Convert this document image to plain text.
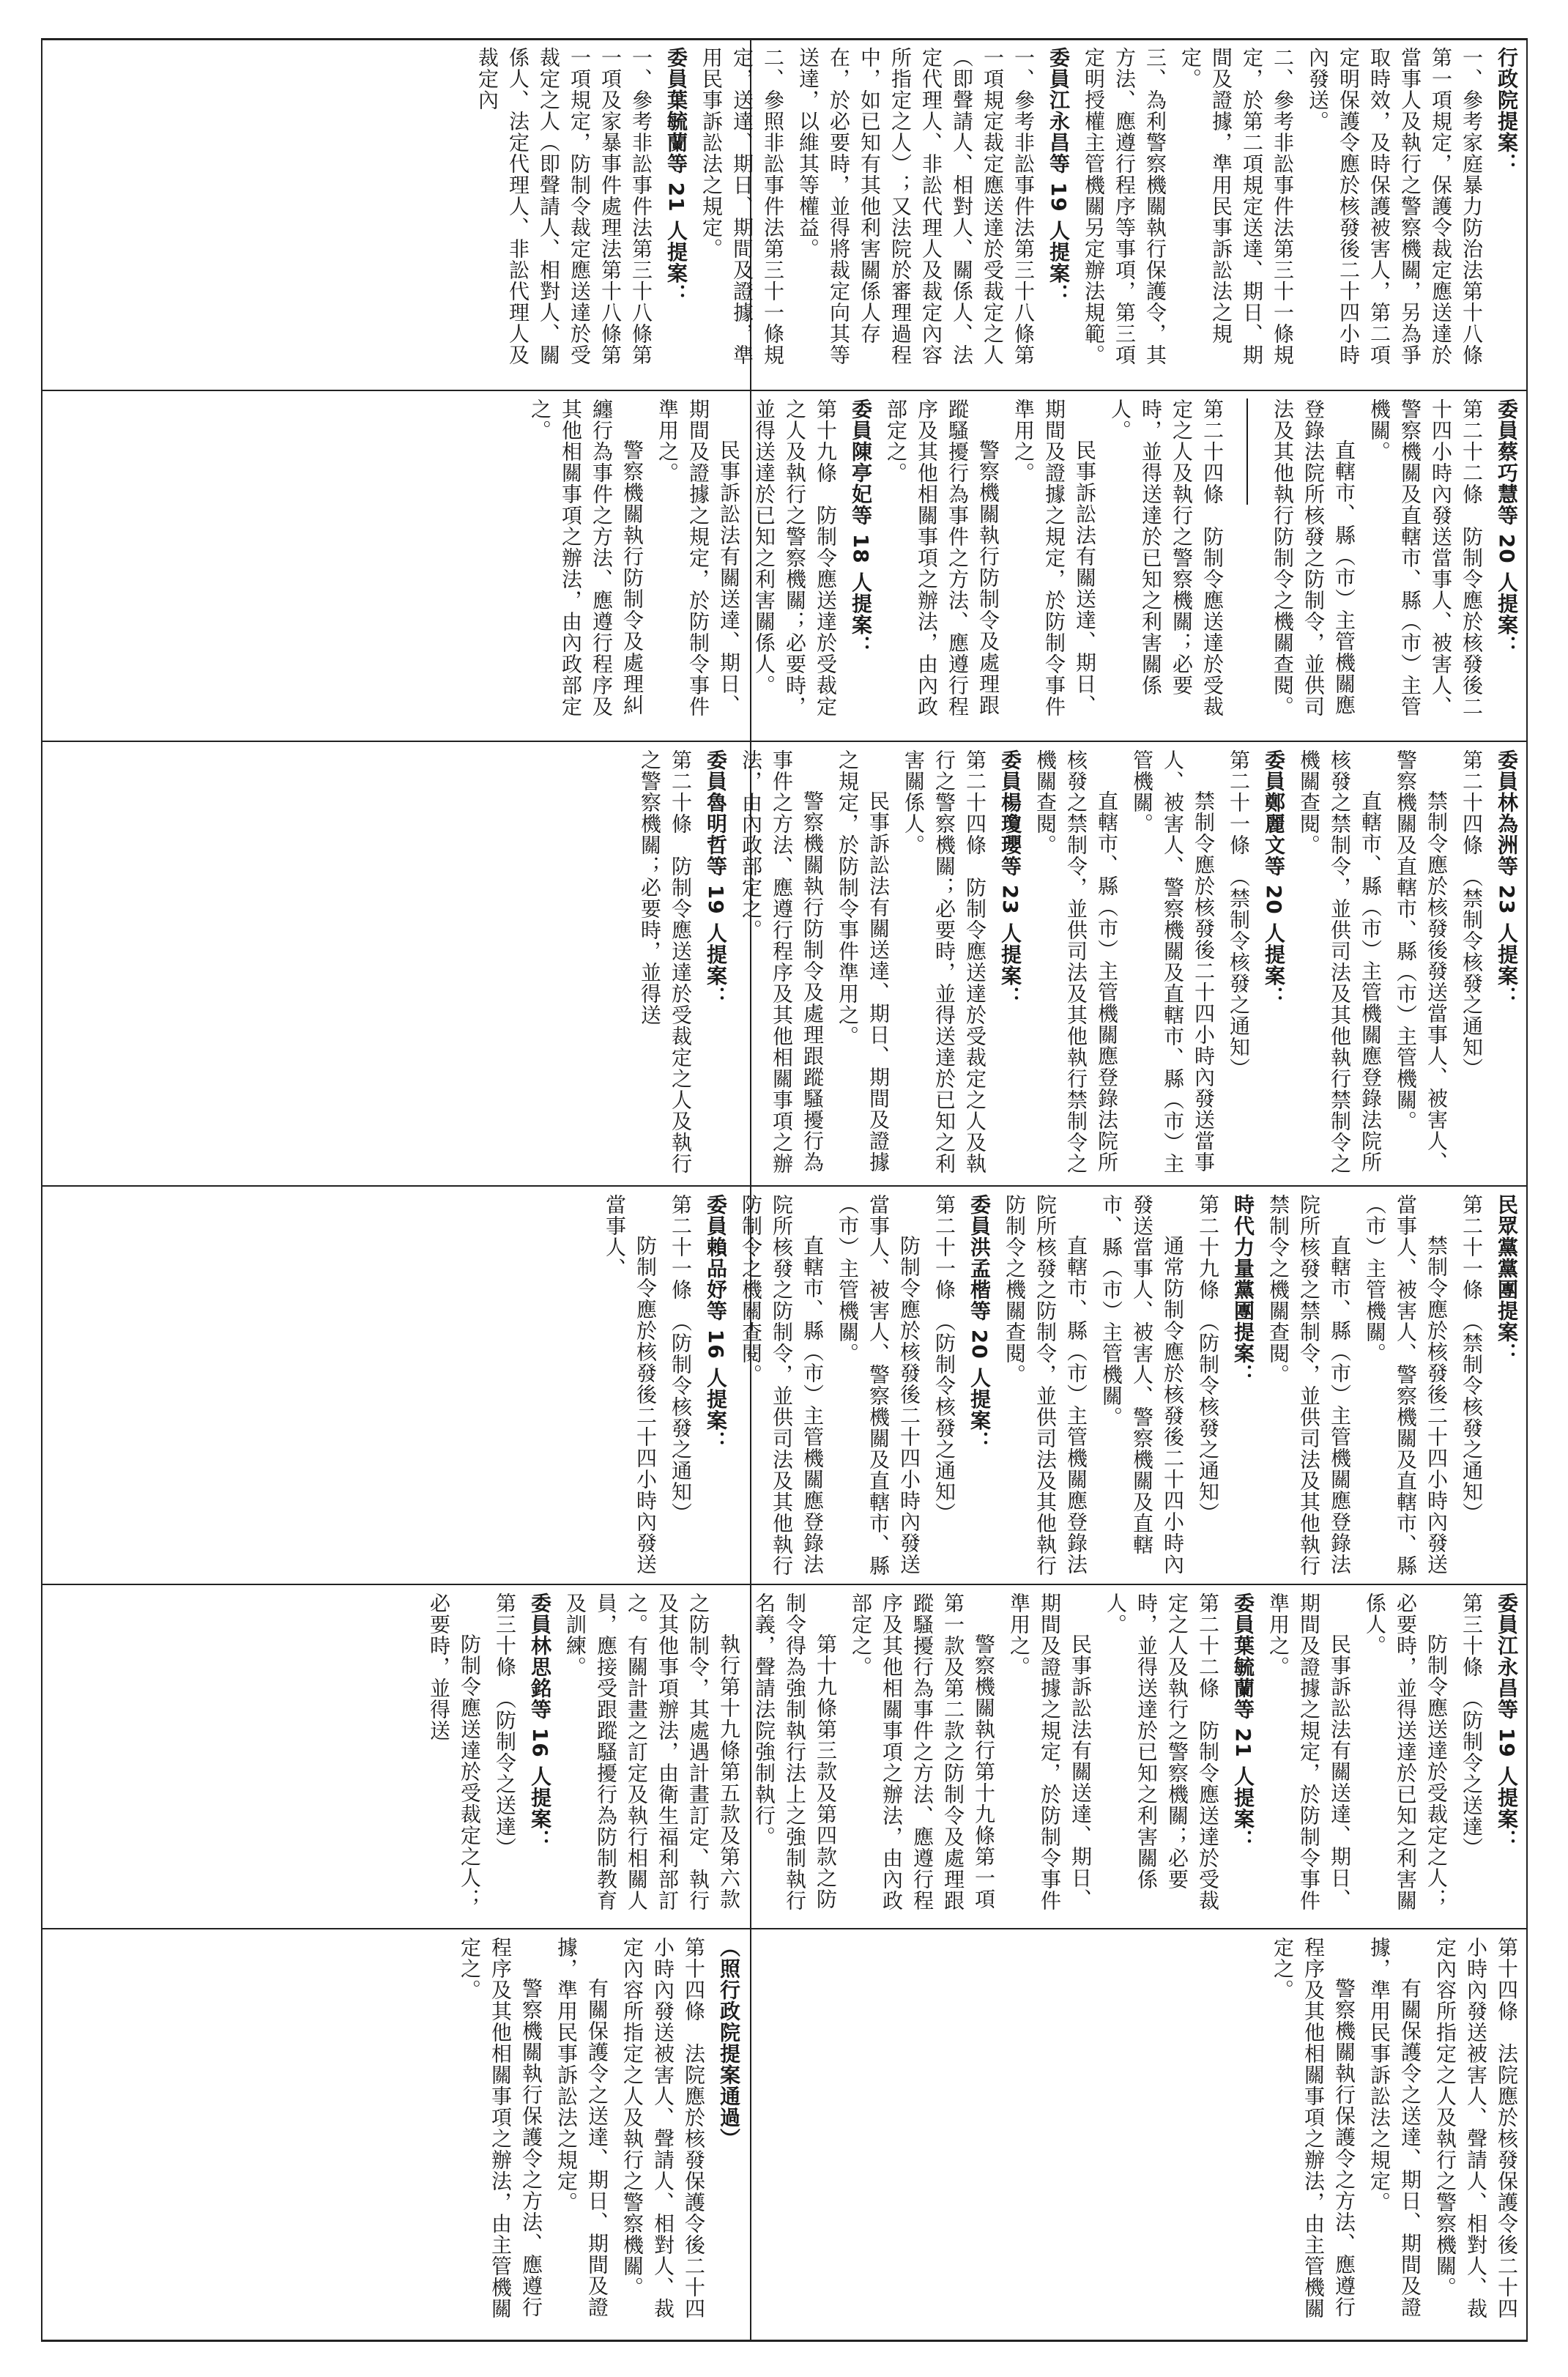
行政院提案：
一、參考家庭暴力防治法第十八條第一項規定，保護令裁定應送達於當事人及執行之警察機關，另為爭取時效，及時保護被害人，第二項定明保護令應於核發後二十四小時內發送。
二、參考非訟事件法第三十一條規定，於第二項規定送達、期日、期間及證據，準用民事訴訟法之規定。
三、為利警察機關執行保護令，其方法、應遵行程序等事項，第三項定明授權主管機關另定辦法規範。
委員江永昌等 19 人提案：
一、參考非訟事件法第三十八條第一項規定裁定應送達於受裁定之人（即聲請人、相對人、關係人、法定代理人、非訟代理人及裁定內容所指定之人）；又法院於審理過程中，如已知有其他利害關係人存在，於必要時，並得將裁定向其等送達，以維其等權益。
二、參照非訟事件法第三十一條規定，送達、期日、期間及證據，準用民事訴訟法之規定。
委員葉毓蘭等 21 人提案：
一、參考非訟事件法第三十八條第一項及家暴事件處理法第十八條第一項規定，防制令裁定應送達於受裁定之人（即聲請人、相對人、關係人、法定代理人、非訟代理人及裁定內
委員蔡巧慧等 20 人提案：
第二十二條　防制令應於核發後二十四小時內發送當事人、被害人、警察機關及直轄市、縣（市）主管機關。
直轄市、縣（市）主管機關應登錄法院所核發之防制令，並供司法及其他執行防制令之機關查閱。

第二十四條　防制令應送達於受裁定之人及執行之警察機關；必要時，並得送達於已知之利害關係人。
民事訴訟法有關送達、期日、期間及證據之規定，於防制令事件準用之。
警察機關執行防制令及處理跟蹤騷擾行為事件之方法、應遵行程序及其他相關事項之辦法，由內政部定之。
委員陳亭妃等 18 人提案：
第十九條　防制令應送達於受裁定之人及執行之警察機關；必要時，並得送達於已知之利害關係人。
民事訴訟法有關送達、期日、期間及證據之規定，於防制令事件準用之。
警察機關執行防制令及處理糾纏行為事件之方法、應遵行程序及其他相關事項之辦法，由內政部定之。
委員林為洲等 23 人提案：
第二十四條　（禁制令核發之通知）
禁制令應於核發後發送當事人、被害人、警察機關及直轄市、縣（市）主管機關。
直轄市、縣（市）主管機關應登錄法院所核發之禁制令，並供司法及其他執行禁制令之機關查閱。
委員鄭麗文等 20 人提案：
第二十一條　（禁制令核發之通知）
禁制令應於核發後二十四小時內發送當事人、被害人、警察機關及直轄市、縣（市）主管機關。
直轄市、縣（市）主管機關應登錄法院所核發之禁制令，並供司法及其他執行禁制令之機關查閱。
委員楊瓊瓔等 23 人提案：
第二十四條　防制令應送達於受裁定之人及執行之警察機關；必要時，並得送達於已知之利害關係人。
民事訴訟法有關送達、期日、期間及證據之規定，於防制令事件準用之。
警察機關執行防制令及處理跟蹤騷擾行為事件之方法、應遵行程序及其他相關事項之辦法，由內政部定之。
委員魯明哲等 19 人提案：
第二十條　防制令應送達於受裁定之人及執行之警察機關；必要時，並得送
民眾黨黨團提案：
第二十一條　（禁制令核發之通知）
禁制令應於核發後二十四小時內發送當事人、被害人、警察機關及直轄市、縣（市）主管機關。
直轄市、縣（市）主管機關應登錄法院所核發之禁制令，並供司法及其他執行禁制令之機關查閱。
時代力量黨團提案：
第二十九條　（防制令核發之通知）
通常防制令應於核發後二十四小時內發送當事人、被害人、警察機關及直轄市、縣（市）主管機關。
直轄市、縣（市）主管機關應登錄法院所核發之防制令，並供司法及其他執行防制令之機關查閱。
委員洪孟楷等 20 人提案：
第二十一條　（防制令核發之通知）
防制令應於核發後二十四小時內發送當事人、被害人、警察機關及直轄市、縣（市）主管機關。
直轄市、縣（市）主管機關應登錄法院所核發之防制令，並供司法及其他執行防制令之機關查閱。
委員賴品妤等 16 人提案：
第二十一條　（防制令核發之通知）
防制令應於核發後二十四小時內發送當事人、
委員江永昌等 19 人提案：
第三十條　（防制令之送達）
防制令應送達於受裁定之人；必要時，並得送達於已知之利害關係人。
民事訴訟法有關送達、期日、期間及證據之規定，於防制令事件準用之。
委員葉毓蘭等 21 人提案：
第二十二條　防制令應送達於受裁定之人及執行之警察機關；必要時，並得送達於已知之利害關係人。
民事訴訟法有關送達、期日、期間及證據之規定，於防制令事件準用之。
警察機關執行第十九條第一項第一款及第二款之防制令及處理跟蹤騷擾行為事件之方法、應遵行程序及其他相關事項之辦法，由內政部定之。
第十九條第三款及第四款之防制令得為強制執行法上之強制執行名義，聲請法院強制執行。
執行第十九條第五款及第六款之防制令，其處遇計畫訂定、執行及其他事項辦法，由衛生福利部訂之。有關計畫之訂定及執行相關人員，應接受跟蹤騷擾行為防制教育及訓練。
委員林思銘等 16 人提案：
第三十條　（防制令之送達）
防制令應送達於受裁定之人；必要時，並得送
第十四條　法院應於核發保護令後二十四小時內發送被害人、聲請人、相對人、裁定內容所指定之人及執行之警察機關。
有關保護令之送達、期日、期間及證據，準用民事訴訟法之規定。
警察機關執行保護令之方法、應遵行程序及其他相關事項之辦法，由主管機關定之。
（照行政院提案通過）
第十四條　法院應於核發保護令後二十四小時內發送被害人、聲請人、相對人、裁定內容所指定之人及執行之警察機關。
有關保護令之送達、期日、期間及證據，準用民事訴訟法之規定。
警察機關執行保護令之方法、應遵行程序及其他相關事項之辦法，由主管機關定之。
